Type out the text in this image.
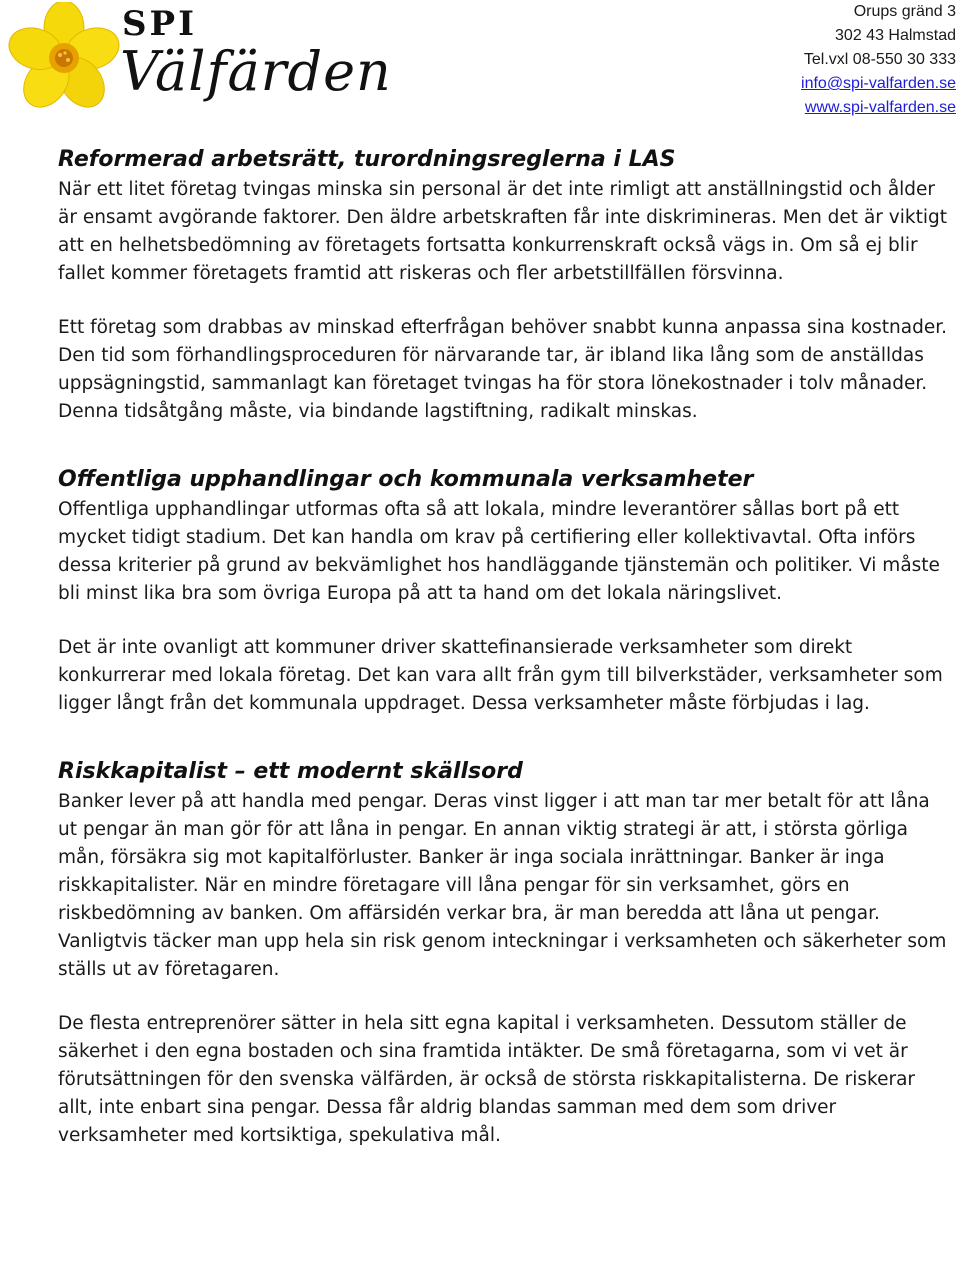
SPI
Välfärden
Orups gränd 3
302 43 Halmstad
Tel.vxl 08-550 30 333
info@spi-valfarden.se
www.spi-valfarden.se
Reformerad arbetsrätt, turordningsreglerna i LAS

När ett litet företag tvingas minska sin personal är det inte rimligt att anställningstid och ålder är ensamt avgörande faktorer. Den äldre arbetskraften får inte diskrimineras. Men det är viktigt att en helhetsbedömning av företagets fortsatta konkurrenskraft också vägs in. Om så ej blir fallet kommer företagets framtid att riskeras och fler arbetstillfällen försvinna.

Ett företag som drabbas av minskad efterfrågan behöver snabbt kunna anpassa sina kostnader. Den tid som förhandlingsproceduren för närvarande tar, är ibland lika lång som de anställdas uppsägningstid, sammanlagt kan företaget tvingas ha för stora lönekostnader i tolv månader. Denna tidsåtgång måste, via bindande lagstiftning, radikalt minskas.

Offentliga upphandlingar och kommunala verksamheter

Offentliga upphandlingar utformas ofta så att lokala, mindre leverantörer sållas bort på ett mycket tidigt stadium. Det kan handla om krav på certifiering eller kollektivavtal. Ofta införs dessa kriterier på grund av bekvämlighet hos handläggande tjänstemän och politiker. Vi måste bli minst lika bra som övriga Europa på att ta hand om det lokala näringslivet.

Det är inte ovanligt att kommuner driver skattefinansierade verksamheter som direkt konkurrerar med lokala företag. Det kan vara allt från gym till bilverkstäder, verksamheter som ligger långt från det kommunala uppdraget. Dessa verksamheter måste förbjudas i lag.

Riskkapitalist – ett modernt skällsord

Banker lever på att handla med pengar. Deras vinst ligger i att man tar mer betalt för att låna ut pengar än man gör för att låna in pengar. En annan viktig strategi är att, i största görliga mån, försäkra sig mot kapitalförluster. Banker är inga sociala inrättningar. Banker är inga riskkapitalister. När en mindre företagare vill låna pengar för sin verksamhet, görs en riskbedömning av banken. Om affärsidén verkar bra, är man beredda att låna ut pengar. Vanligtvis täcker man upp hela sin risk genom inteckningar i verksamheten och säkerheter som ställs ut av företagaren.

De flesta entreprenörer sätter in hela sitt egna kapital i verksamheten. Dessutom ställer de säkerhet i den egna bostaden och sina framtida intäkter. De små företagarna, som vi vet är förutsättningen för den svenska välfärden, är också de största riskkapitalisterna. De riskerar allt, inte enbart sina pengar. Dessa får aldrig blandas samman med dem som driver verksamheter med kortsiktiga, spekulativa mål.
